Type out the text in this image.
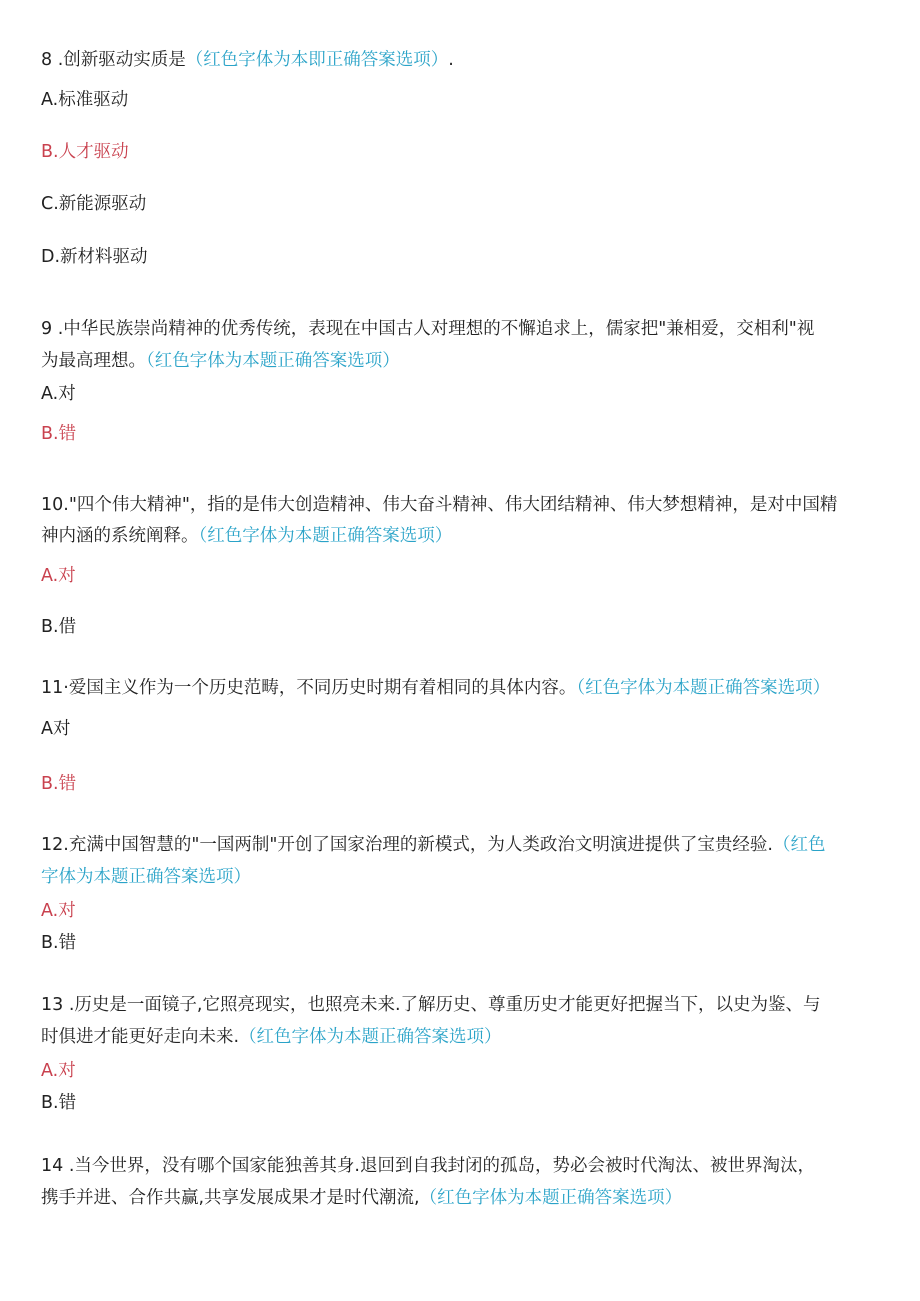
8 .创新驱动实质是（红色字体为本即正确答案选项）.
A.标准驱动
B.人才驱动
C.新能源驱动
D.新材料驱动
9 .中华民族崇尚精神的优秀传统，表现在中国古人对理想的不懈追求上，儒家把"兼相爱，交相利"视
为最高理想。（红色字体为本题正确答案选项）
A.对
B.错
10."四个伟大精神"，指的是伟大创造精神、伟大奋斗精神、伟大团结精神、伟大梦想精神，是对中国精
神内涵的系统阐释。（红色字体为本题正确答案选项）
A.对
B.借
11·爱国主义作为一个历史范畴，不同历史时期有着相同的具体内容。（红色字体为本题正确答案选项）
A对
B.错
12.充满中国智慧的"一国两制"开创了国家治理的新模式，为人类政治文明演进提供了宝贵经验.（红色
字体为本题正确答案选项）
A.对
B.错
13 .历史是一面镜子,它照亮现实，也照亮未来.了解历史、尊重历史才能更好把握当下，以史为鉴、与
时俱进才能更好走向未来.（红色字体为本题正确答案选项）
A.对
B.错
14 .当今世界，没有哪个国家能独善其身.退回到自我封闭的孤岛，势必会被时代淘汰、被世界淘汰，
携手并进、合作共赢,共享发展成果才是时代潮流,（红色字体为本题正确答案选项）
